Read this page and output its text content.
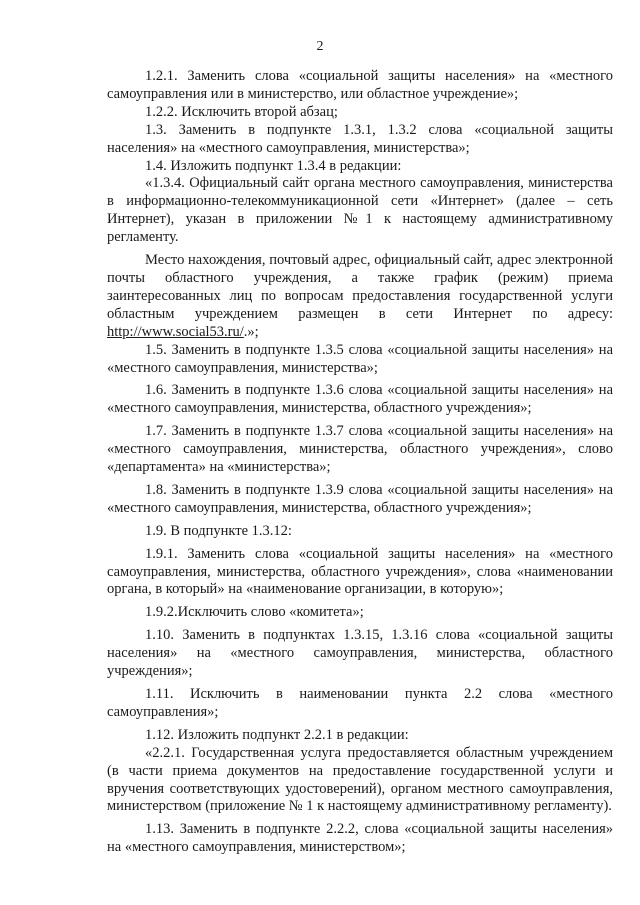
2

1.2.1. Заменить слова «социальной защиты населения» на «местного самоуправления или в министерство, или областное учреждение»;

1.2.2. Исключить второй абзац;

1.3. Заменить в подпункте 1.3.1, 1.3.2 слова «социальной защиты населения» на «местного самоуправления, министерства»;

1.4. Изложить подпункт 1.3.4 в редакции:

«1.3.4. Официальный сайт органа местного самоуправления, министерства в информационно-телекоммуникационной сети «Интернет» (далее – сеть Интернет), указан в приложении №1 к настоящему административному регламенту.

Место нахождения, почтовый адрес, официальный сайт, адрес электронной почты областного учреждения, а также график (режим) приема заинтересованных лиц по вопросам предоставления государственной услуги областным учреждением размещен в сети Интернет по адресу: http://www.social53.ru/.»;

1.5. Заменить в подпункте 1.3.5 слова «социальной защиты населения» на «местного самоуправления, министерства»;

1.6. Заменить в подпункте 1.3.6 слова «социальной защиты населения» на «местного самоуправления, министерства, областного учреждения»;

1.7. Заменить в подпункте 1.3.7 слова «социальной защиты населения» на «местного самоуправления, министерства, областного учреждения», слово «департамента» на «министерства»;

1.8. Заменить в подпункте 1.3.9 слова «социальной защиты населения» на «местного самоуправления, министерства, областного учреждения»;

1.9. В подпункте 1.3.12:

1.9.1. Заменить слова «социальной защиты населения» на «местного самоуправления, министерства, областного учреждения», слова «наименовании органа, в который» на «наименование организации, в которую»;

1.9.2.Исключить слово «комитета»;

1.10. Заменить в подпунктах 1.3.15, 1.3.16 слова «социальной защиты населения» на «местного самоуправления, министерства, областного учреждения»;

1.11. Исключить в наименовании пункта 2.2 слова «местного самоуправления»;

1.12. Изложить подпункт 2.2.1 в редакции:

«2.2.1. Государственная услуга предоставляется областным учреждением (в части приема документов на предоставление государственной услуги и вручения соответствующих удостоверений), органом местного самоуправления, министерством (приложение № 1 к настоящему административному регламенту).

1.13. Заменить в подпункте 2.2.2, слова «социальной защиты населения» на «местного самоуправления, министерством»;
